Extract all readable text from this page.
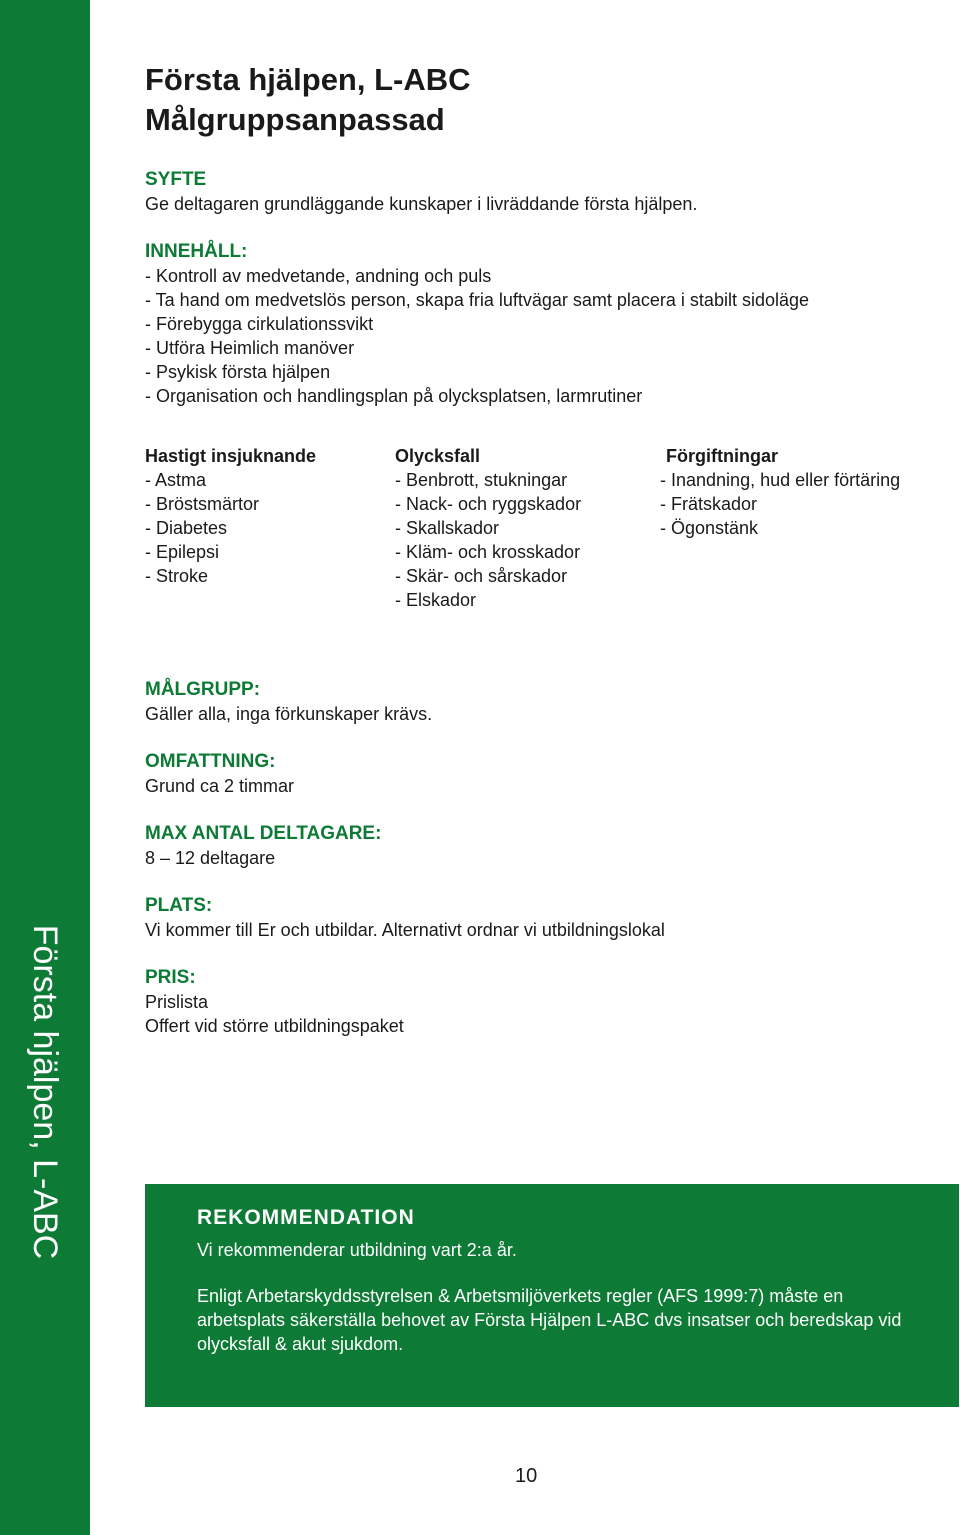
Första hjälpen, L-ABC
Första hjälpen, L-ABC
Målgruppsanpassad
SYFTE
Ge deltagaren grundläggande kunskaper i livräddande första hjälpen.
INNEHÅLL:
- Kontroll av medvetande, andning och puls
- Ta hand om medvetslös person, skapa fria luftvägar samt placera i stabilt sidoläge
- Förebygga cirkulationssvikt
- Utföra Heimlich manöver
- Psykisk första hjälpen
- Organisation och handlingsplan på olycksplatsen, larmrutiner
Hastigt insjuknande
- Astma
- Bröstsmärtor
- Diabetes
- Epilepsi
- Stroke
Olycksfall
- Benbrott, stukningar
- Nack- och ryggskador
- Skallskador
- Kläm- och krosskador
- Skär- och sårskador
- Elskador
Förgiftningar
- Inandning, hud eller förtäring
- Frätskador
- Ögonstänk
MÅLGRUPP:
Gäller alla, inga förkunskaper krävs.
OMFATTNING:
Grund ca 2 timmar
MAX ANTAL DELTAGARE:
8 – 12 deltagare
PLATS:
Vi kommer till Er och utbildar. Alternativt ordnar vi utbildningslokal
PRIS:
Prislista
Offert vid större utbildningspaket
REKOMMENDATION
Vi rekommenderar utbildning vart 2:a år.
Enligt Arbetarskyddsstyrelsen & Arbetsmiljöverkets regler (AFS 1999:7) måste en arbetsplats säkerställa behovet av Första Hjälpen L-ABC dvs insatser och beredskap vid olycksfall & akut sjukdom.
10
